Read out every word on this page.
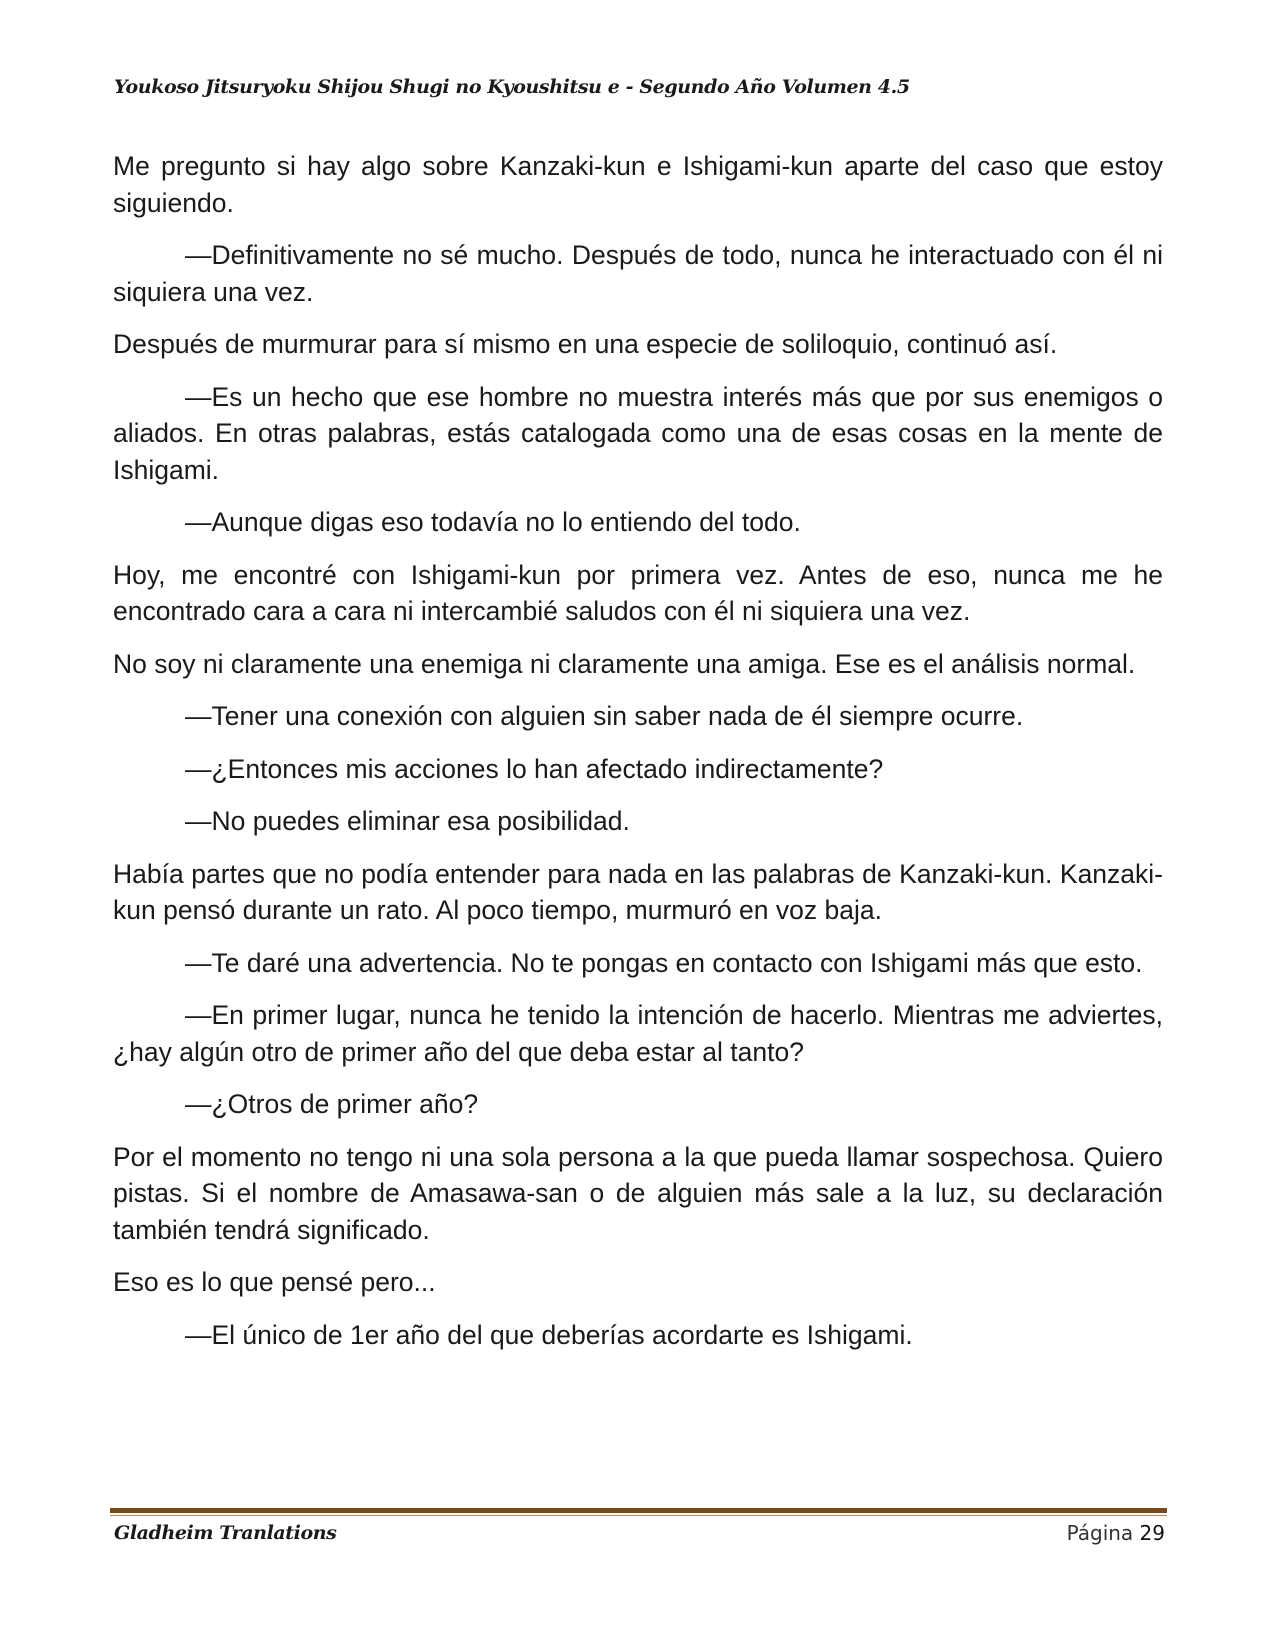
Youkoso Jitsuryoku Shijou Shugi no Kyoushitsu e - Segundo Año Volumen 4.5

Me pregunto si hay algo sobre Kanzaki-kun e Ishigami-kun aparte del caso que estoy siguiendo.

—Definitivamente no sé mucho. Después de todo, nunca he interactuado con él ni siquiera una vez.

Después de murmurar para sí mismo en una especie de soliloquio, continuó así.

—Es un hecho que ese hombre no muestra interés más que por sus enemigos o aliados. En otras palabras, estás catalogada como una de esas cosas en la mente de Ishigami.

—Aunque digas eso todavía no lo entiendo del todo.

Hoy, me encontré con Ishigami-kun por primera vez. Antes de eso, nunca me he encontrado cara a cara ni intercambié saludos con él ni siquiera una vez.

No soy ni claramente una enemiga ni claramente una amiga. Ese es el análisis normal.

—Tener una conexión con alguien sin saber nada de él siempre ocurre.

—¿Entonces mis acciones lo han afectado indirectamente?

—No puedes eliminar esa posibilidad.

Había partes que no podía entender para nada en las palabras de Kanzaki-kun. Kanzaki-kun pensó durante un rato. Al poco tiempo, murmuró en voz baja.

—Te daré una advertencia. No te pongas en contacto con Ishigami más que esto.

—En primer lugar, nunca he tenido la intención de hacerlo. Mientras me adviertes, ¿hay algún otro de primer año del que deba estar al tanto?

—¿Otros de primer año?

Por el momento no tengo ni una sola persona a la que pueda llamar sospechosa. Quiero pistas. Si el nombre de Amasawa-san o de alguien más sale a la luz, su declaración también tendrá significado.

Eso es lo que pensé pero...

—El único de 1er año del que deberías acordarte es Ishigami.

Gladheim Tranlations	Página 29
